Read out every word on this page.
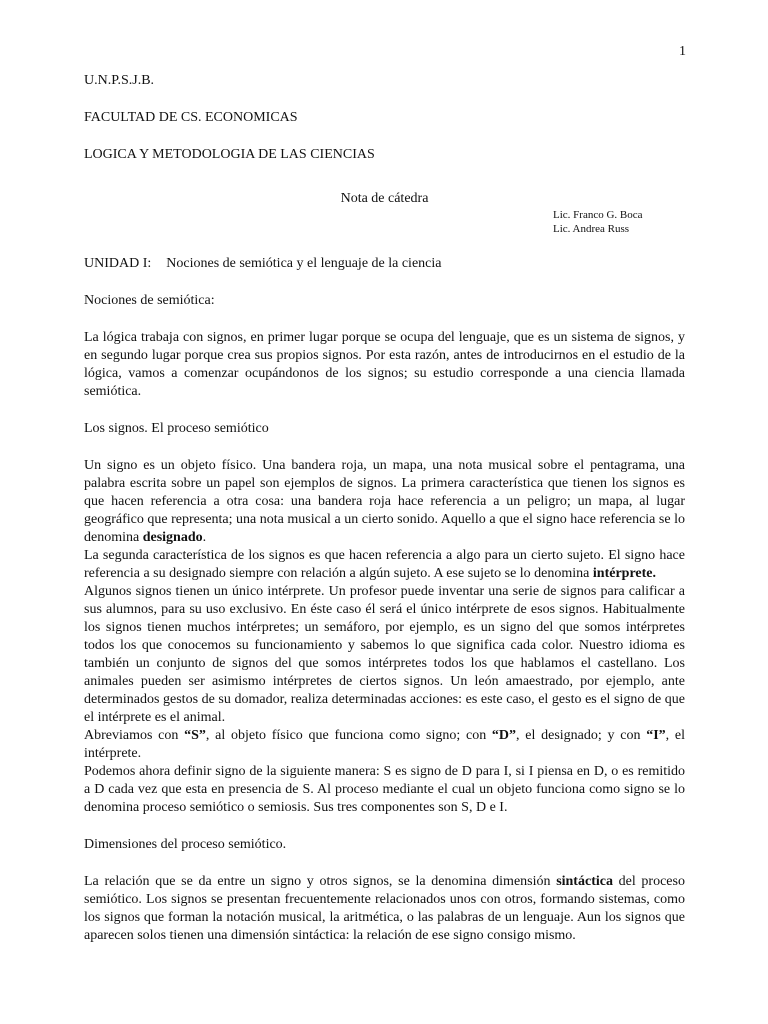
1

U.N.P.S.J.B.

FACULTAD DE CS. ECONOMICAS

LOGICA Y METODOLOGIA DE LAS CIENCIAS

Nota de cátedra

Lic. Franco G. Boca
Lic. Andrea Russ

UNIDAD I: Nociones de semiótica y el lenguaje de la ciencia

Nociones de semiótica:

La lógica trabaja con signos, en primer lugar porque se ocupa del lenguaje, que es un sistema de signos, y en segundo lugar porque crea sus propios signos. Por esta razón, antes de introducirnos en el estudio de la lógica, vamos a comenzar ocupándonos de los signos; su estudio corresponde a una ciencia llamada semiótica.

Los signos. El proceso semiótico

Un signo es un objeto físico. Una bandera roja, un mapa, una nota musical sobre el pentagrama, una palabra escrita sobre un papel son ejemplos de signos. La primera característica que tienen los signos es que hacen referencia a otra cosa: una bandera roja hace referencia a un peligro; un mapa, al lugar geográfico que representa; una nota musical a un cierto sonido. Aquello a que el signo hace referencia se lo denomina designado.

La segunda característica de los signos es que hacen referencia a algo para un cierto sujeto. El signo hace referencia a su designado siempre con relación a algún sujeto. A ese sujeto se lo denomina intérprete.

Algunos signos tienen un único intérprete. Un profesor puede inventar una serie de signos para calificar a sus alumnos, para su uso exclusivo. En éste caso él será el único intérprete de esos signos. Habitualmente los signos tienen muchos intérpretes; un semáforo, por ejemplo, es un signo del que somos intérpretes todos los que conocemos su funcionamiento y sabemos lo que significa cada color. Nuestro idioma es también un conjunto de signos del que somos intérpretes todos los que hablamos el castellano. Los animales pueden ser asimismo intérpretes de ciertos signos. Un león amaestrado, por ejemplo, ante determinados gestos de su domador, realiza determinadas acciones: es este caso, el gesto es el signo de que el intérprete es el animal.

Abreviamos con “S”, al objeto físico que funciona como signo; con “D”, el designado; y con “I”, el intérprete.

Podemos ahora definir signo de la siguiente manera: S es signo de D para I, si I piensa en D, o es remitido a D cada vez que esta en presencia de S. Al proceso mediante el cual un objeto funciona como signo se lo denomina proceso semiótico o semiosis. Sus tres componentes son S, D e I.

Dimensiones del proceso semiótico.

La relación que se da entre un signo y otros signos, se la denomina dimensión sintáctica del proceso semiótico. Los signos se presentan frecuentemente relacionados unos con otros, formando sistemas, como los signos que forman la notación musical, la aritmética, o las palabras de un lenguaje. Aun los signos que aparecen solos tienen una dimensión sintáctica: la relación de ese signo consigo mismo.
